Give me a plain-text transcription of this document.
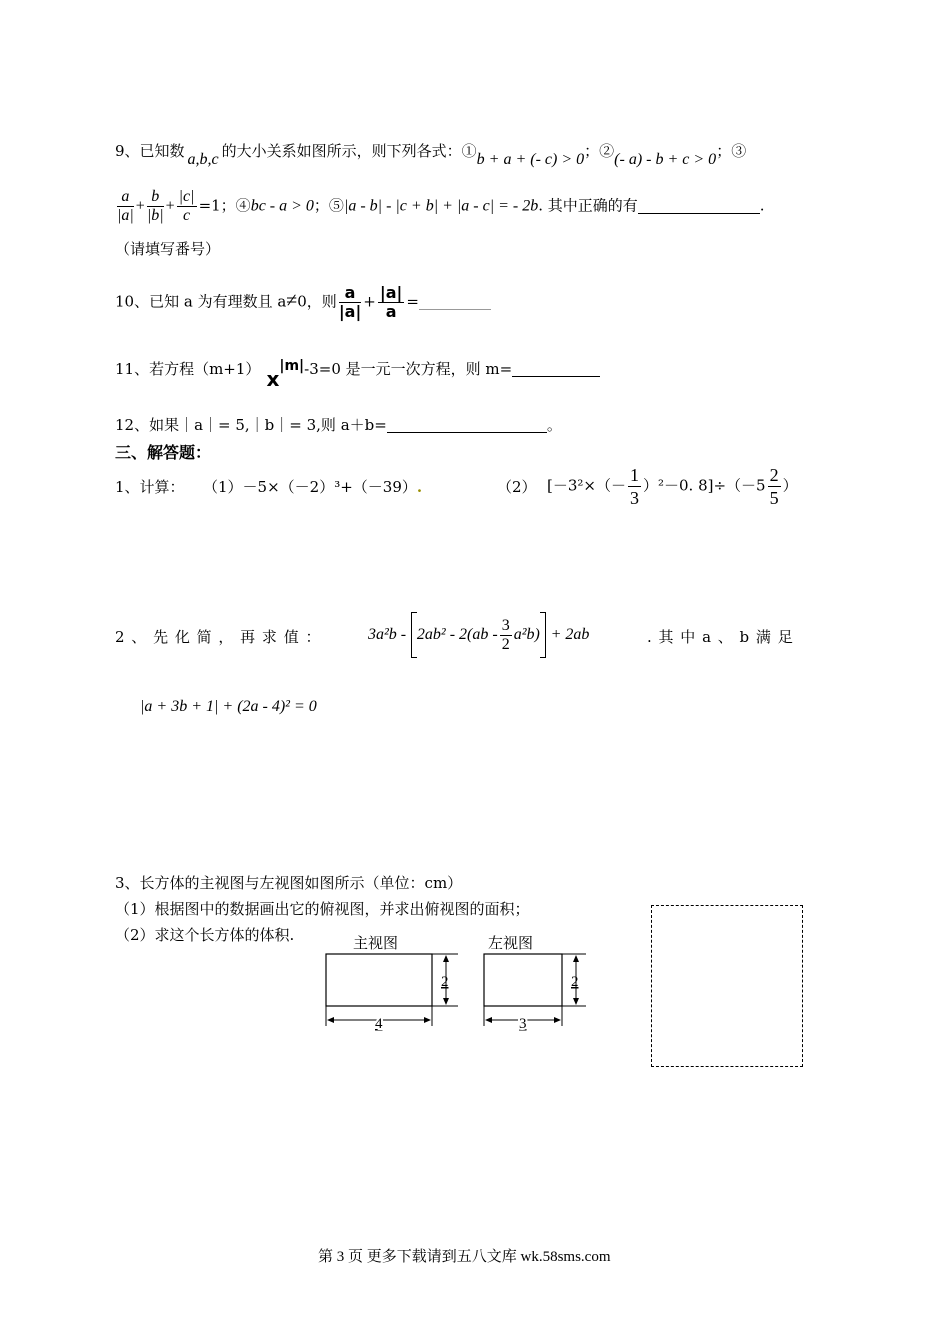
9、已知数 a,b,c 的大小关系如图所示，则下列各式：①b + a + (- c) > 0；②(- a) - b + c > 0；③
$\frac{a}{|a|} + \frac{b}{|b|} + \frac{|c|}{c} =1$；④bc - a > 0；⑤|a - b| - |c + b| + |a - c| = - 2b. 其中正确的有	.
（请填写番号）
10、已知 a 为有理数且 a≠0，则 $\frac{a}{|a|} + \frac{|a|}{a}$ =
11、若方程（m+1） x|m|-3=0 是一元一次方程，则 m=
12、如果｜a｜= 5,｜b｜= 3,则 a＋b=	。
三、解答题：
1、计算： （1）－5×（－2）³+（－39）.	（2） [$-3^2\times(- \frac{1}{3} )^2-0$. $8]\div(-5 \frac{2}{5}$ ）
2 、 先 化 简 ， 再 求 值 ：	$3a^2b - 2ab^2 - 2(ab - \frac{3}{2} a^2b) + 2ab$	. 其 中 a 、 b 满 足
|a + 3b + 1| + (2a - 4)² = 0
3、长方体的主视图与左视图如图所示（单位：cm）
（1）根据图中的数据画出它的俯视图，并求出俯视图的面积；
（2）求这个长方体的体积.	主视图	左视图
2
4
2
3
第 3 页 更多下载请到五八文库 wk.58sms.com
